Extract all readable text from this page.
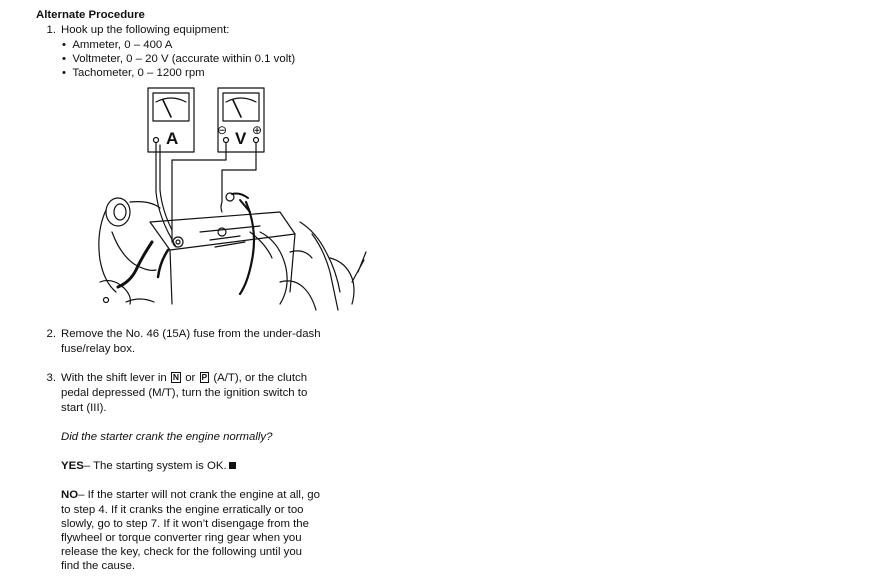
Alternate Procedure
1. Hook up the following equipment:
•  Ammeter, 0 – 400 A
•  Voltmeter, 0 – 20 V (accurate within 0.1 volt)
•  Tachometer, 0 – 1200 rpm
A	⊖ V ⊕
2. Remove the No. 46 (15A) fuse from the under-dash
fuse/relay box.
3. With the shift lever in N or P (A/T), or the clutch
pedal depressed (M/T), turn the ignition switch to
start (III).
Did the starter crank the engine normally?
YES– The starting system is OK.
NO– If the starter will not crank the engine at all, go
to step 4. If it cranks the engine erratically or too
slowly, go to step 7. If it won’t disengage from the
flywheel or torque converter ring gear when you
release the key, check for the following until you
find the cause.
